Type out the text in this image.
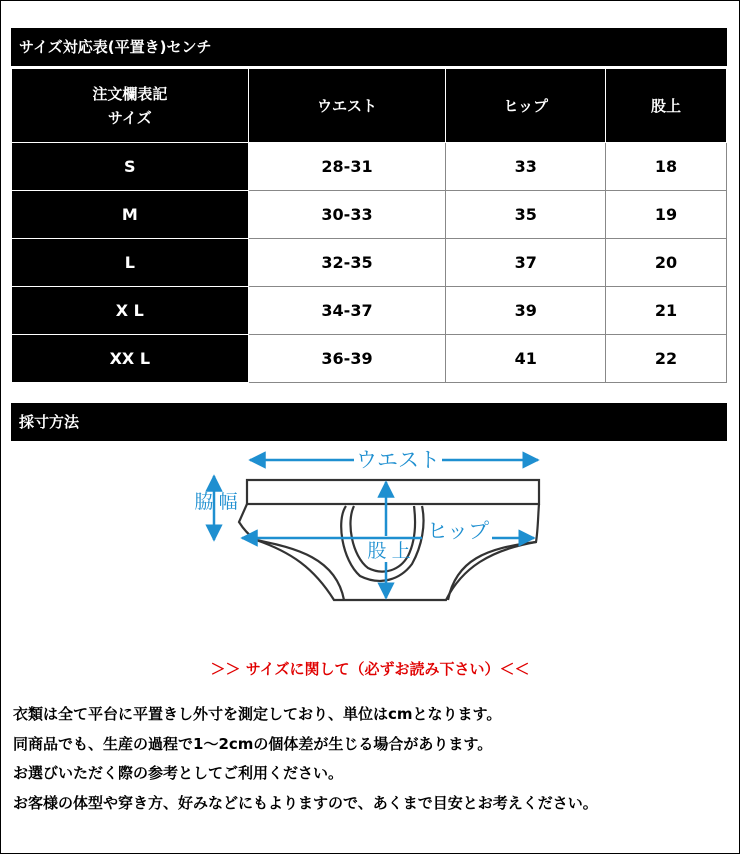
サイズ対応表(平置き)センチ
注文欄表記
サイズ	ウエスト	ヒップ	股上
S	28-31	33	18
M	30-33	35	19
L	32-35	37	20
X L	34-37	39	21
XX L	36-39	41	22
採寸方法
ウエスト
脇 幅
股 上
ヒップ
＞＞ サイズに関して（必ずお読み下さい）＜＜
衣類は全て平台に平置きし外寸を測定しており、単位はcmとなります。
同商品でも、生産の過程で1～2cmの個体差が生じる場合があります。
お選びいただく際の参考としてご利用ください。
お客様の体型や穿き方、好みなどにもよりますので、あくまで目安とお考えください。
